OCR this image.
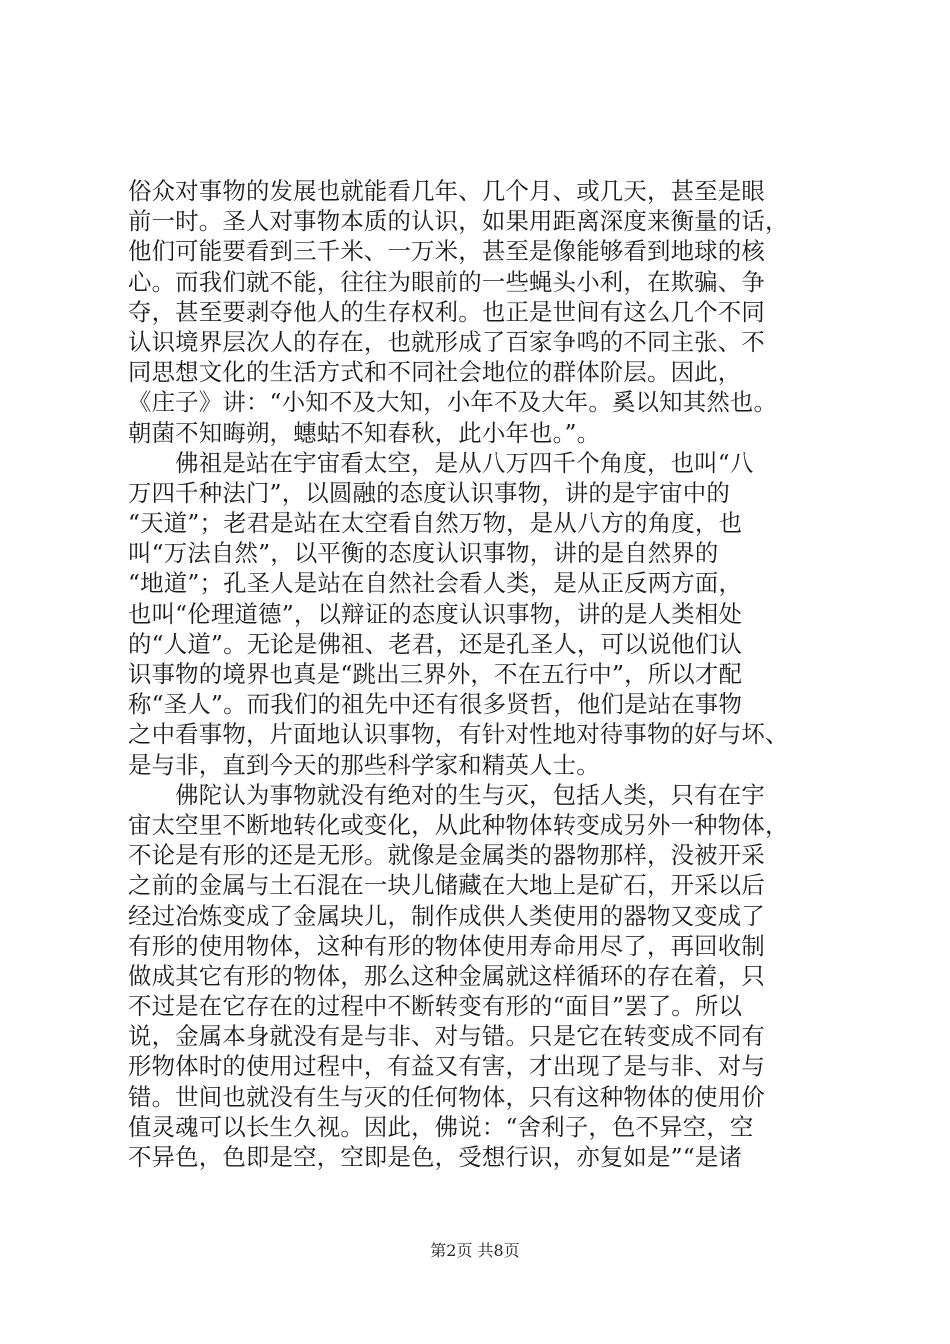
俗众对事物的发展也就能看几年、几个月、或几天，甚至是眼
前一时。圣人对事物本质的认识，如果用距离深度来衡量的话，
他们可能要看到三千米、一万米，甚至是像能够看到地球的核
心。而我们就不能，往往为眼前的一些蝇头小利，在欺骗、争
夺，甚至要剥夺他人的生存权利。也正是世间有这么几个不同
认识境界层次人的存在，也就形成了百家争鸣的不同主张、不
同思想文化的生活方式和不同社会地位的群体阶层。因此，
《庄子》讲：“小知不及大知，小年不及大年。奚以知其然也。
朝菌不知晦朔，蟪蛄不知春秋，此小年也。”。
　　佛祖是站在宇宙看太空，是从八万四千个角度，也叫“八
万四千种法门”，以圆融的态度认识事物，讲的是宇宙中的
“天道”；老君是站在太空看自然万物，是从八方的角度，也
叫“万法自然”，以平衡的态度认识事物，讲的是自然界的
“地道”；孔圣人是站在自然社会看人类，是从正反两方面，
也叫“伦理道德”，以辩证的态度认识事物，讲的是人类相处
的“人道”。无论是佛祖、老君，还是孔圣人，可以说他们认
识事物的境界也真是“跳出三界外，不在五行中”，所以才配
称“圣人”。而我们的祖先中还有很多贤哲，他们是站在事物
之中看事物，片面地认识事物，有针对性地对待事物的好与坏、
是与非，直到今天的那些科学家和精英人士。
　　佛陀认为事物就没有绝对的生与灭，包括人类，只有在宇
宙太空里不断地转化或变化，从此种物体转变成另外一种物体，
不论是有形的还是无形。就像是金属类的器物那样，没被开采
之前的金属与土石混在一块儿储藏在大地上是矿石，开采以后
经过冶炼变成了金属块儿，制作成供人类使用的器物又变成了
有形的使用物体，这种有形的物体使用寿命用尽了，再回收制
做成其它有形的物体，那么这种金属就这样循环的存在着，只
不过是在它存在的过程中不断转变有形的“面目”罢了。所以
说，金属本身就没有是与非、对与错。只是它在转变成不同有
形物体时的使用过程中，有益又有害，才出现了是与非、对与
错。世间也就没有生与灭的任何物体，只有这种物体的使用价
值灵魂可以长生久视。因此，佛说：“舍利子，色不异空，空
不异色，色即是空，空即是色，受想行识，亦复如是”“是诸
第2页 共8页
